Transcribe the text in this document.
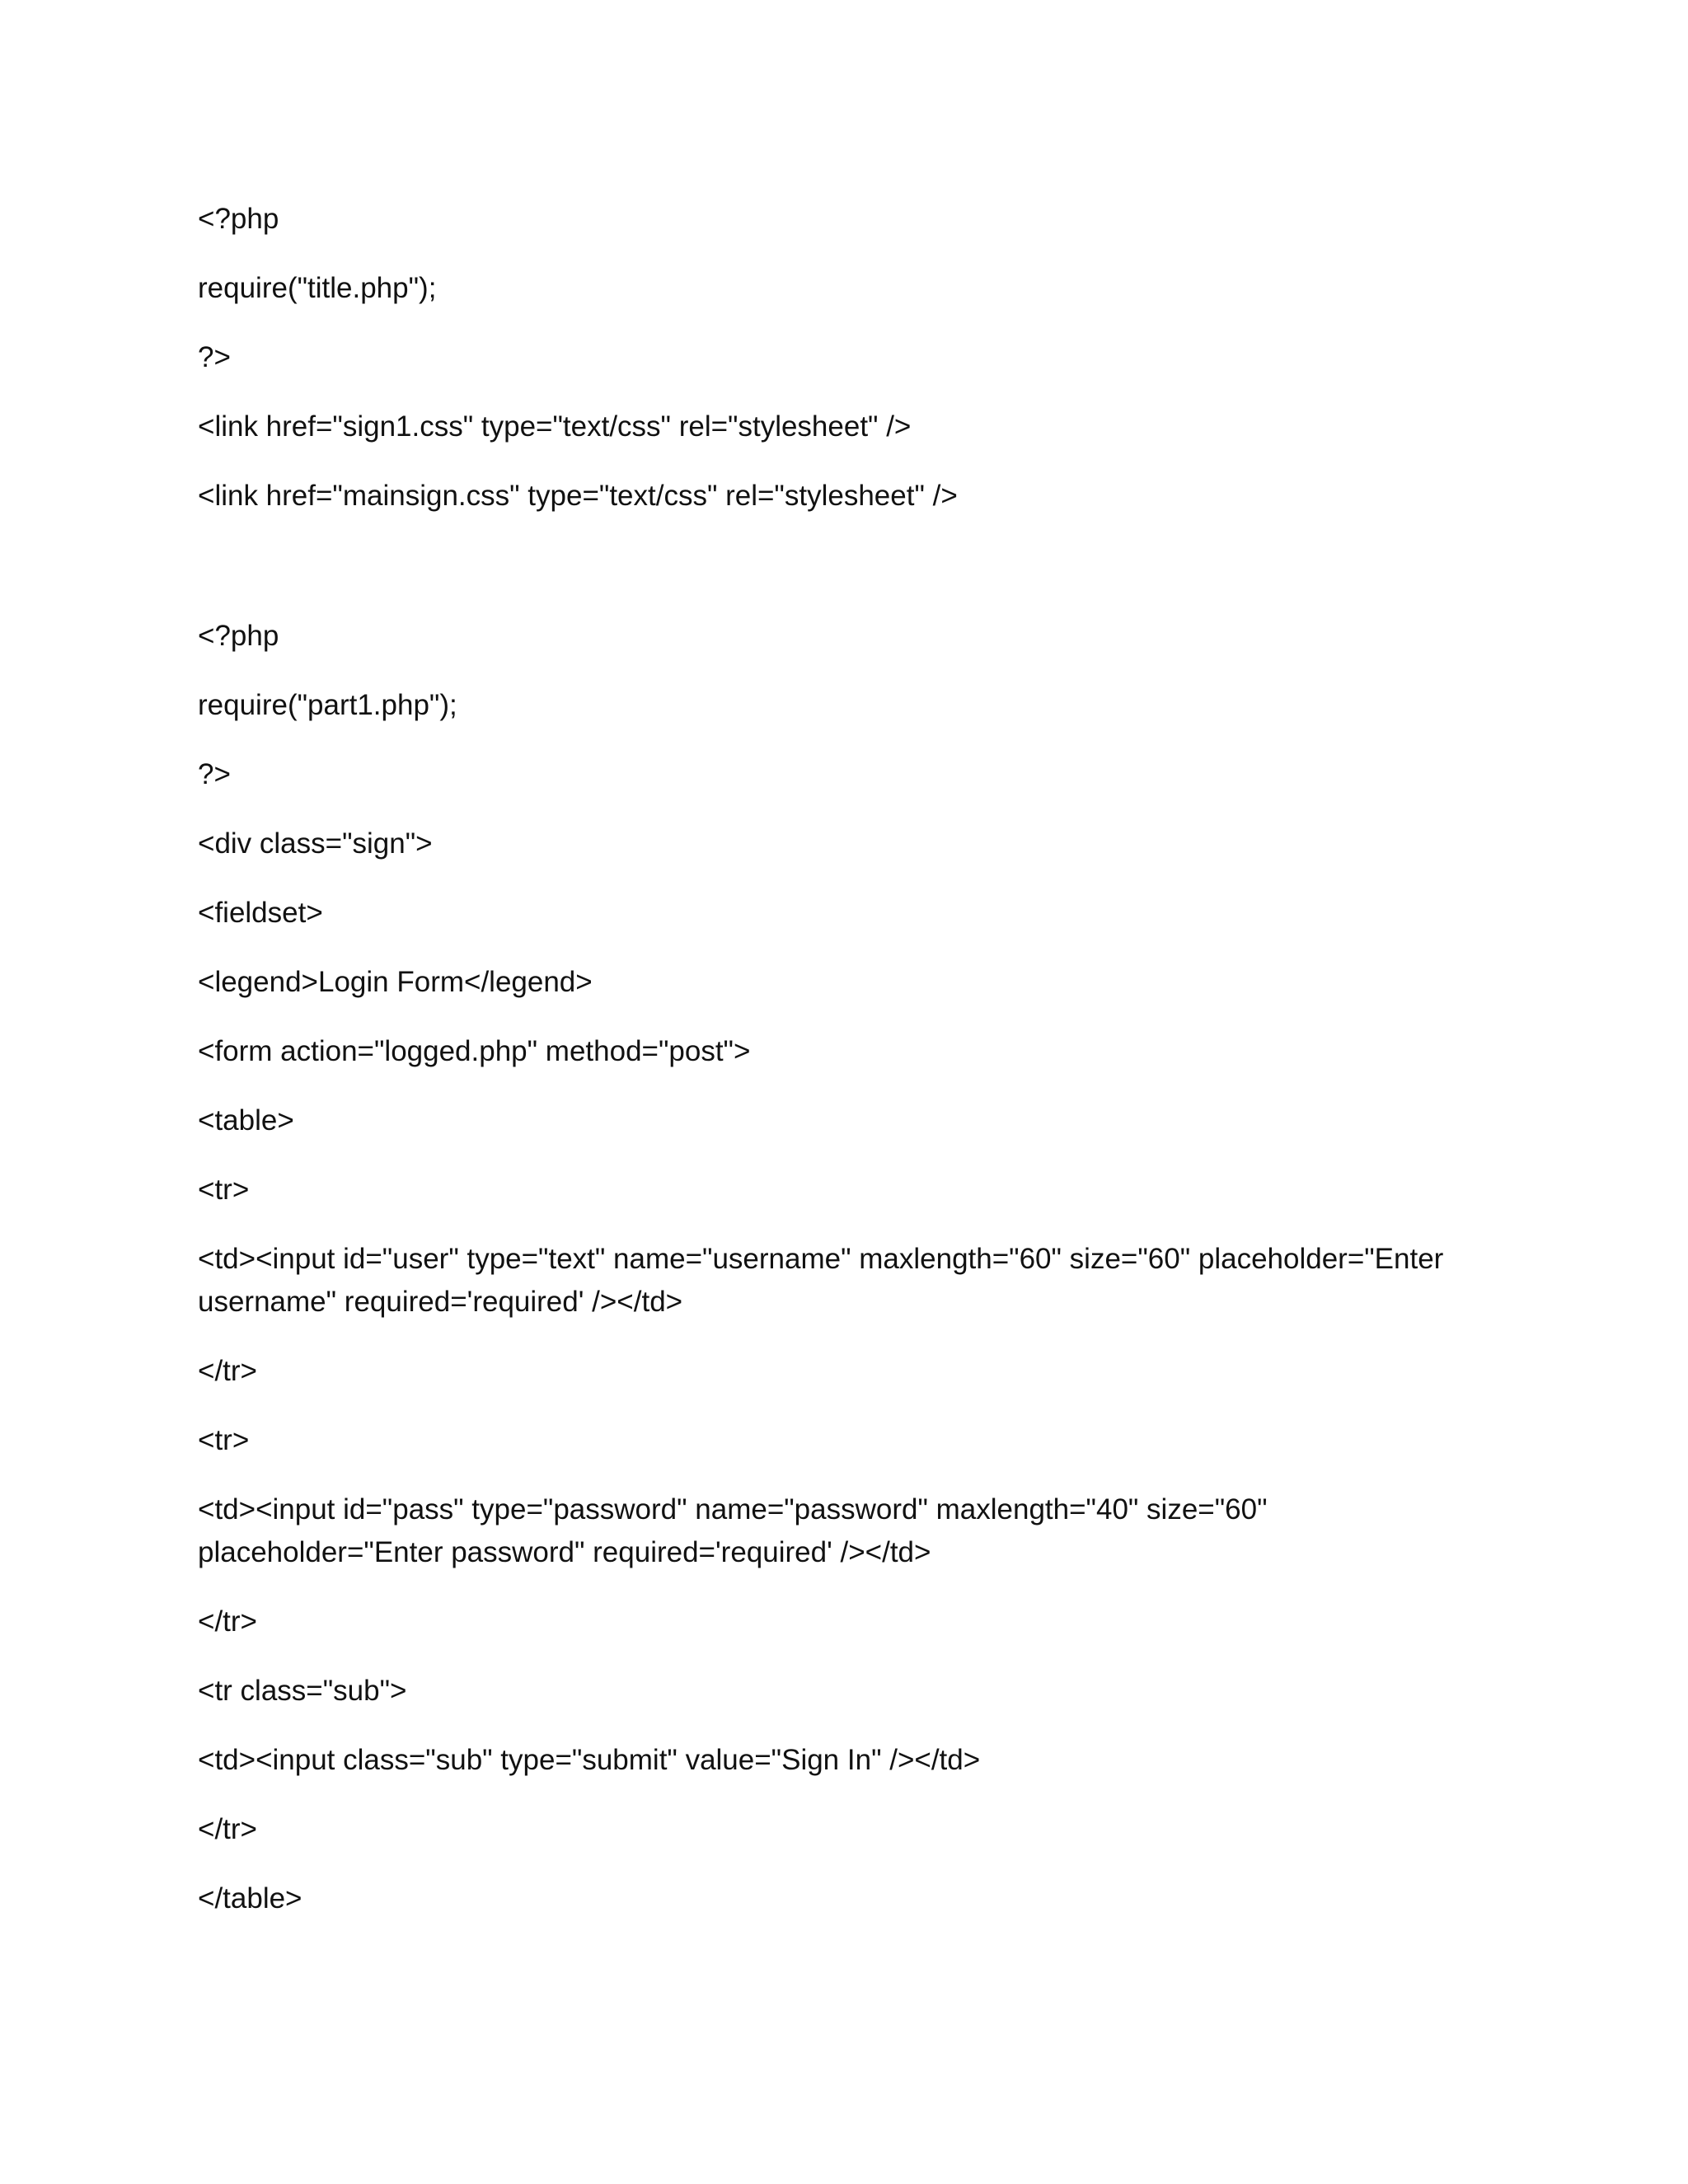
<?php
require("title.php");
?>
<link href="sign1.css" type="text/css" rel="stylesheet" />
<link href="mainsign.css" type="text/css" rel="stylesheet" />
<?php
require("part1.php");
?>
<div class="sign">
<fieldset>
<legend>Login Form</legend>
<form action="logged.php" method="post">
<table>
<tr>
<td><input id="user" type="text" name="username" maxlength="60" size="60" placeholder="Enter username" required='required' /></td>
</tr>
<tr>
<td><input id="pass" type="password" name="password" maxlength="40" size="60" placeholder="Enter password" required='required' /></td>
</tr>
<tr class="sub">
<td><input class="sub" type="submit" value="Sign In" /></td>
</tr>
</table>
